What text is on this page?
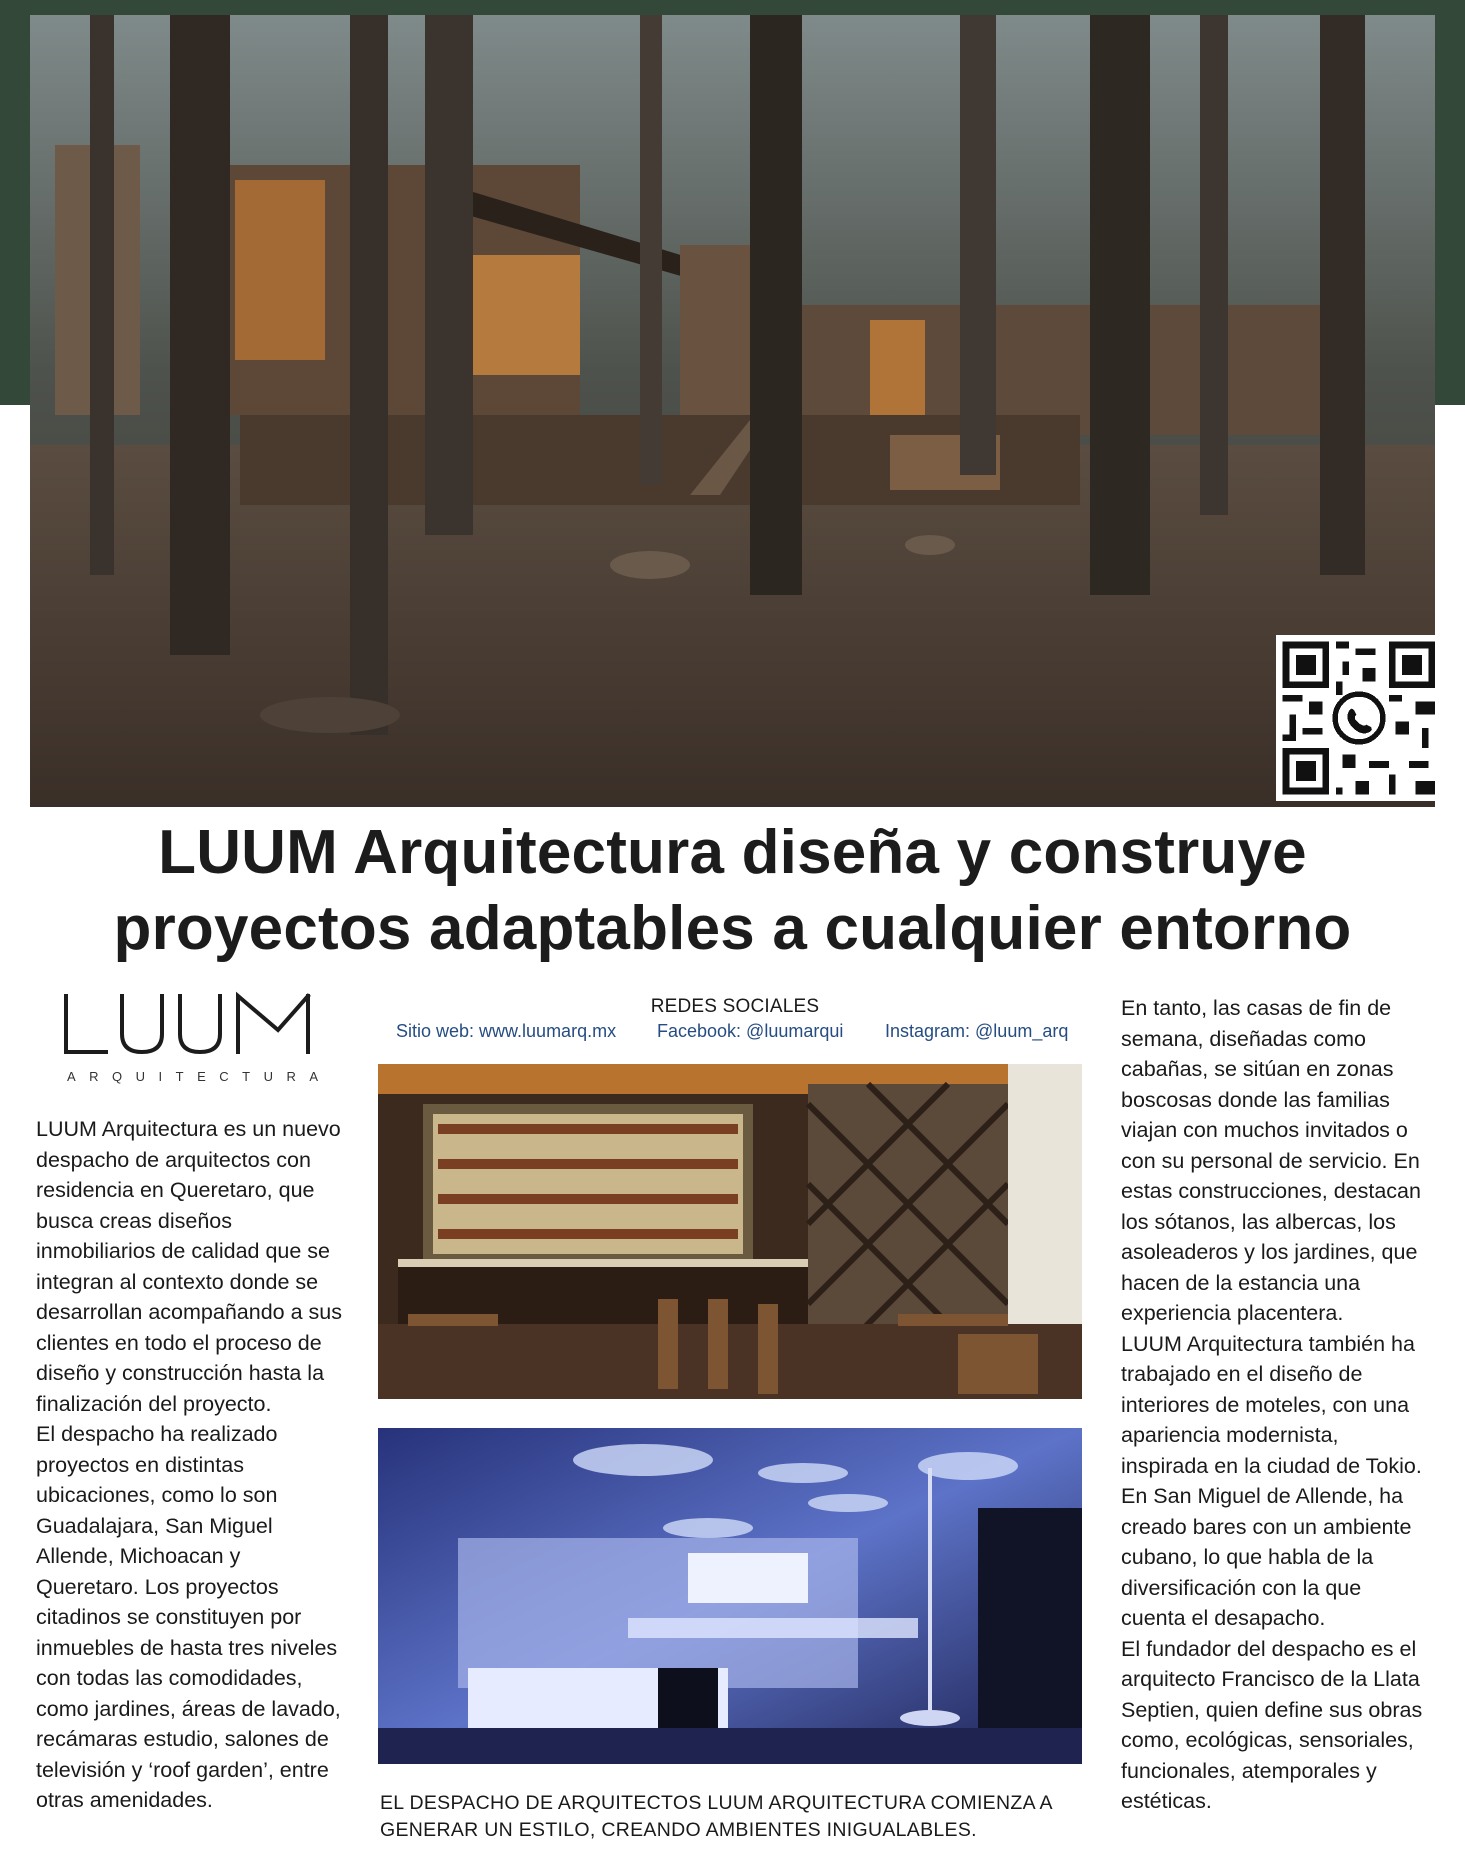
LUUM Arquitectura diseña y construye
proyectos adaptables a cualquier entorno
LUUM
ARQUITECTURA
LUUM Arquitectura es un nuevo despacho de arquitectos con residencia en Queretaro, que busca creas diseños inmobiliarios de calidad que se integran al contexto donde se desarrollan acompañando a sus clientes en todo el proceso de diseño y construcción hasta la finalización del proyecto.
El despacho ha realizado proyectos en distintas ubicaciones, como lo son Guadalajara, San Miguel Allende, Michoacan y Queretaro. Los proyectos citadinos se constituyen por inmuebles de hasta tres niveles con todas las comodidades, como jardines, áreas de lavado, recámaras estudio, salones de televisión y ‘roof garden’, entre otras amenidades.
REDES SOCIALES
Sitio web: www.luumarq.mx Facebook: @luumarqui Instagram: @luum_arq
En tanto, las casas de fin de semana, diseñadas como cabañas, se sitúan en zonas boscosas donde las familias viajan con muchos invitados o con su personal de servicio. En estas construcciones, destacan los sótanos, las albercas, los asoleaderos y los jardines, que hacen de la estancia una experiencia placentera.
LUUM Arquitectura también ha trabajado en el diseño de interiores de moteles, con una apariencia modernista, inspirada en la ciudad de Tokio. En San Miguel de Allende, ha creado bares con un ambiente cubano, lo que habla de la diversificación con la que cuenta el desapacho.
El fundador del despacho es el arquitecto Francisco de la Llata Septien, quien define sus obras como, ecológicas, sensoriales, funcionales, atemporales y estéticas.

EL DESPACHO DE ARQUITECTOS LUUM ARQUITECTURA COMIENZA A GENERAR UN ESTILO, CREANDO AMBIENTES INIGUALABLES.
